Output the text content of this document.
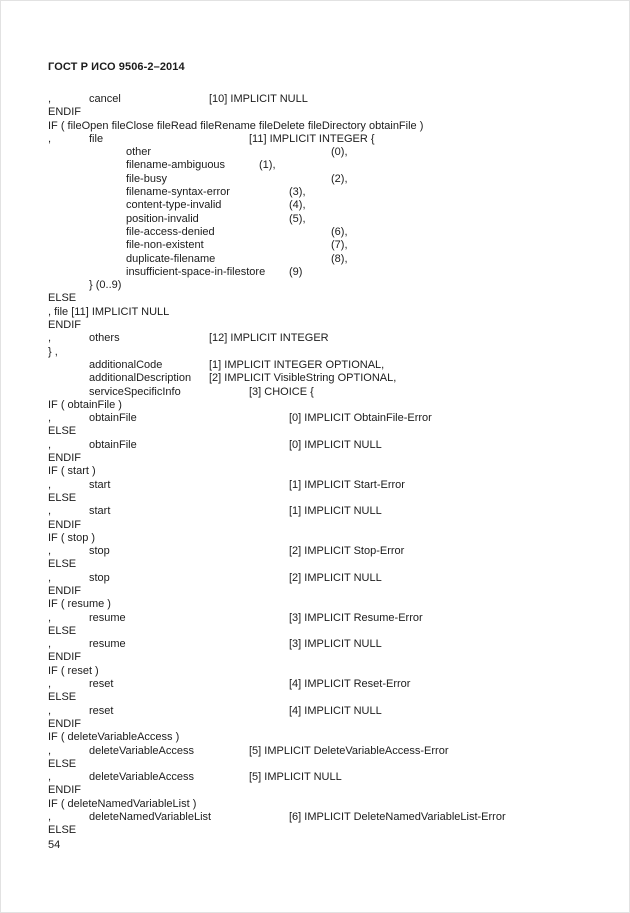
ГОСТ Р ИСО 9506-2–2014
,	cancel	[10] IMPLICIT NULL
ENDIF
IF ( fileOpen fileClose fileRead fileRename fileDelete fileDirectory obtainFile )
,	file	[11] IMPLICIT INTEGER {
other	(0),
filename-ambiguous	(1),
file-busy	(2),
filename-syntax-error	(3),
content-type-invalid	(4),
position-invalid	(5),
file-access-denied	(6),
file-non-existent	(7),
duplicate-filename	(8),
insufficient-space-in-filestore (9)
} (0..9)
ELSE
, file [11] IMPLICIT NULL
ENDIF
,	others	[12] IMPLICIT INTEGER
} ,
additionalCode	[1] IMPLICIT INTEGER OPTIONAL,
additionalDescription [2] IMPLICIT VisibleString OPTIONAL,
serviceSpecificInfo	[3] CHOICE {
IF ( obtainFile )
,	obtainFile	[0] IMPLICIT ObtainFile-Error
ELSE
,	obtainFile	[0] IMPLICIT NULL
ENDIF
IF ( start )
,	start	[1] IMPLICIT Start-Error
ELSE
,	start	[1] IMPLICIT NULL
ENDIF
IF ( stop )
,	stop	[2] IMPLICIT Stop-Error
ELSE
,	stop	[2] IMPLICIT NULL
ENDIF
IF ( resume )
,	resume	[3] IMPLICIT Resume-Error
ELSE
,	resume	[3] IMPLICIT NULL
ENDIF
IF ( reset )
,	reset	[4] IMPLICIT Reset-Error
ELSE
,	reset	[4] IMPLICIT NULL
ENDIF
IF ( deleteVariableAccess )
,	deleteVariableAccess	[5] IMPLICIT DeleteVariableAccess-Error
ELSE
,	deleteVariableAccess	[5] IMPLICIT NULL
ENDIF
IF ( deleteNamedVariableList )
,	deleteNamedVariableList	[6] IMPLICIT DeleteNamedVariableList-Error
ELSE
54
